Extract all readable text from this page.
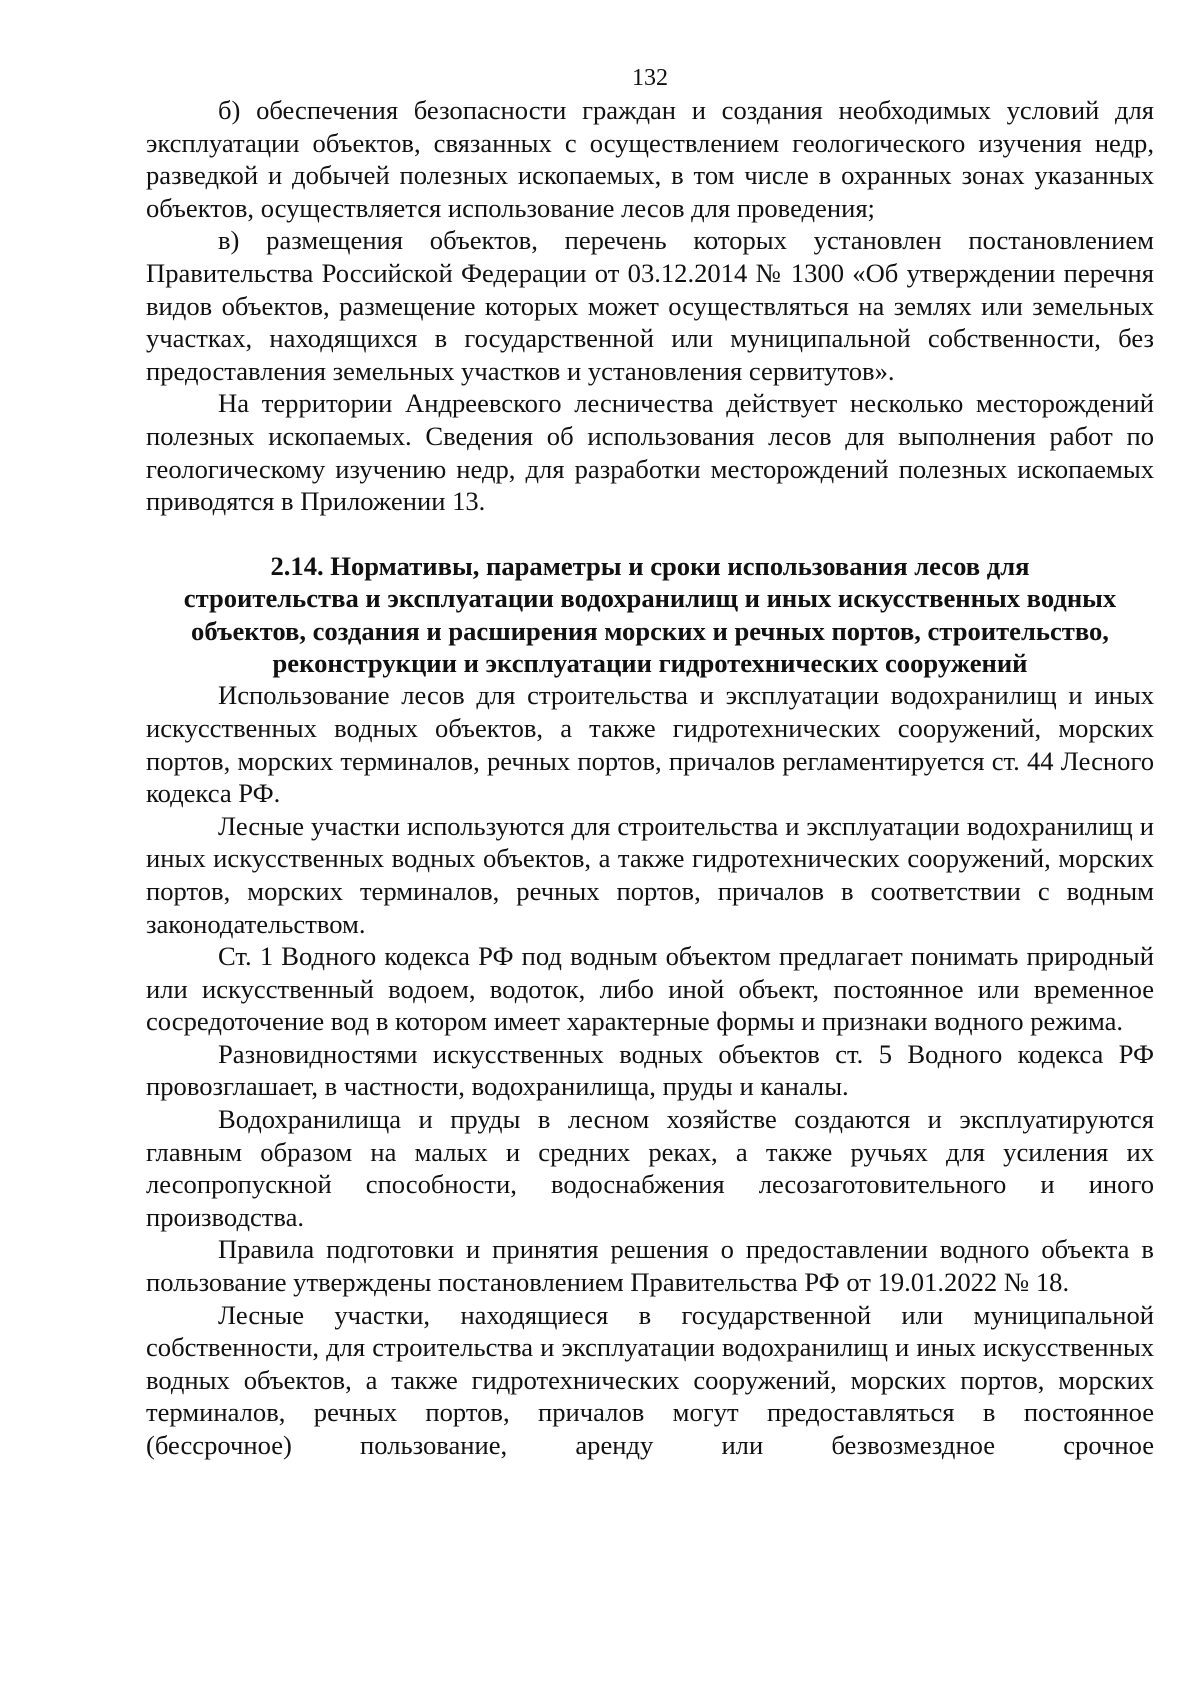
132

б) обеспечения безопасности граждан и создания необходимых условий для эксплуатации объектов, связанных с осуществлением геологического изучения недр, разведкой и добычей полезных ископаемых, в том числе в охранных зонах указанных объектов, осуществляется использование лесов для проведения;

в) размещения объектов, перечень которых установлен постановлением Правительства Российской Федерации от 03.12.2014 № 1300 «Об утверждении перечня видов объектов, размещение которых может осуществляться на землях или земельных участках, находящихся в государственной или муниципальной собственности, без предоставления земельных участков и установления сервитутов».

На территории Андреевского лесничества действует несколько месторождений полезных ископаемых. Сведения об использования лесов для выполнения работ по геологическому изучению недр, для разработки месторождений полезных ископаемых приводятся в Приложении 13.

2.14. Нормативы, параметры и сроки использования лесов для
строительства и эксплуатации водохранилищ и иных искусственных водных
объектов, создания и расширения морских и речных портов, строительство,
реконструкции и эксплуатации гидротехнических сооружений

Использование лесов для строительства и эксплуатации водохранилищ и иных искусственных водных объектов, а также гидротехнических сооружений, морских портов, морских терминалов, речных портов, причалов регламентируется ст. 44 Лесного кодекса РФ.

Лесные участки используются для строительства и эксплуатации водохранилищ и иных искусственных водных объектов, а также гидротехнических сооружений, морских портов, морских терминалов, речных портов, причалов в соответствии с водным законодательством.

Ст. 1 Водного кодекса РФ под водным объектом предлагает понимать природный или искусственный водоем, водоток, либо иной объект, постоянное или временное сосредоточение вод в котором имеет характерные формы и признаки водного режима.

Разновидностями искусственных водных объектов ст. 5 Водного кодекса РФ провозглашает, в частности, водохранилища, пруды и каналы.

Водохранилища и пруды в лесном хозяйстве создаются и эксплуатируются главным образом на малых и средних реках, а также ручьях для усиления их лесопропускной способности, водоснабжения лесозаготовительного и иного производства.

Правила подготовки и принятия решения о предоставлении водного объекта в пользование утверждены постановлением Правительства РФ от 19.01.2022 № 18.

Лесные участки, находящиеся в государственной или муниципальной собственности, для строительства и эксплуатации водохранилищ и иных искусственных водных объектов, а также гидротехнических сооружений, морских портов, морских терминалов, речных портов, причалов могут предоставляться в постоянное (бессрочное) пользование, аренду или безвозмездное срочное
